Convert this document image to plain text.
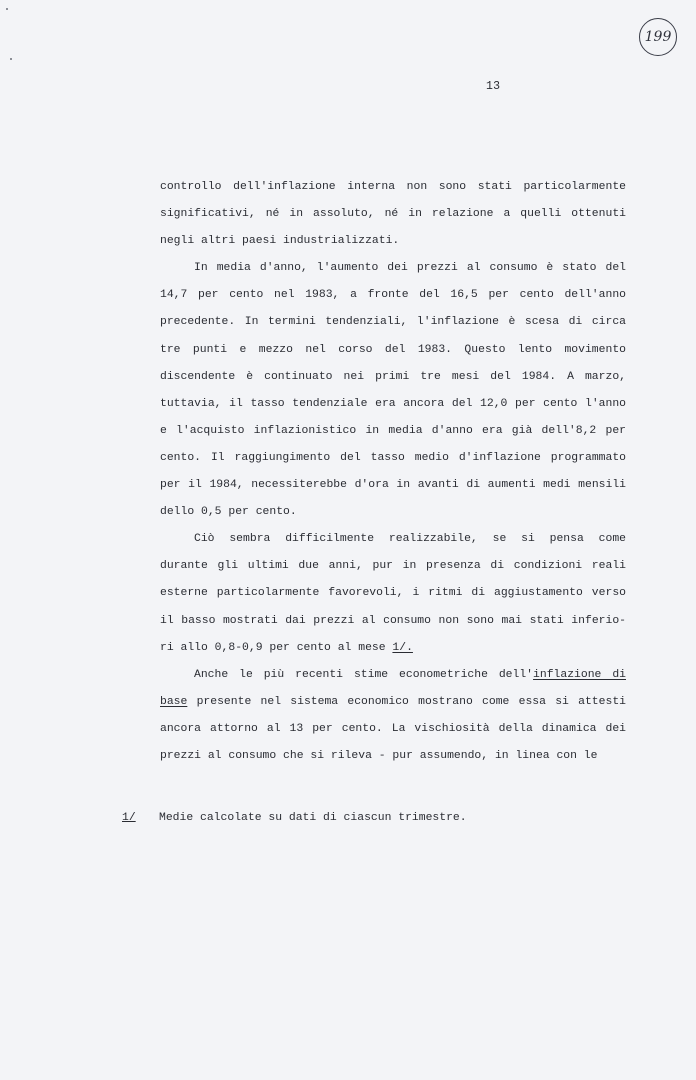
199
13
controllo dell'inflazione interna non sono stati particolarmente
significativi, né in assoluto, né in relazione a quelli ottenuti
negli altri paesi industrializzati.
In media d'anno, l'aumento dei prezzi al consumo è stato del
14,7 per cento nel 1983, a fronte del 16,5 per cento dell'anno
precedente. In termini tendenziali, l'inflazione è scesa di circa
tre punti e mezzo nel corso del 1983. Questo lento movimento
discendente è continuato nei primi tre mesi del 1984. A marzo,
tuttavia, il tasso tendenziale era ancora del 12,0 per cento l'anno
e l'acquisto inflazionistico in media d'anno era già dell'8,2 per
cento. Il raggiungimento del tasso medio d'inflazione programmato
per il 1984, necessiterebbe d'ora in avanti di aumenti medi mensili
dello 0,5 per cento.
Ciò sembra difficilmente realizzabile, se si pensa come
durante gli ultimi due anni, pur in presenza di condizioni reali
esterne particolarmente favorevoli, i ritmi di aggiustamento verso
il basso mostrati dai prezzi al consumo non sono mai stati inferio-
ri allo 0,8-0,9 per cento al mese 1/.
Anche le più recenti stime econometriche dell'inflazione di
base presente nel sistema economico mostrano come essa si attesti
ancora attorno al 13 per cento. La vischiosità della dinamica dei
prezzi al consumo che si rileva - pur assumendo, in linea con le
1/ Medie calcolate su dati di ciascun trimestre.
